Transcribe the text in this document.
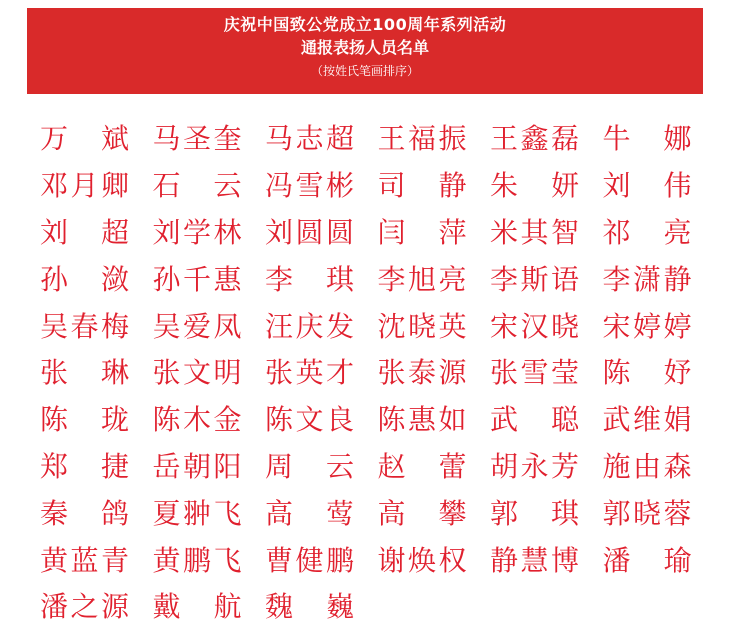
庆祝中国致公党成立100周年系列活动
通报表扬人员名单
（按姓氏笔画排序）
万 斌 马 圣 奎 马 志 超 王 福 振 王 鑫 磊 牛 娜
邓 月 卿 石 云 冯 雪 彬 司 静 朱 妍 刘 伟
刘 超 刘 学 林 刘 圆 圆 闫 萍 米 其 智 祁 亮
孙 潋 孙 千 惠 李 琪 李 旭 亮 李 斯 语 李 潇 静
吴 春 梅 吴 爱 凤 汪 庆 发 沈 晓 英 宋 汉 晓 宋 婷 婷
张 琳 张 文 明 张 英 才 张 泰 源 张 雪 莹 陈 妤
陈 珑 陈 木 金 陈 文 良 陈 惠 如 武 聪 武 维 娟
郑 捷 岳 朝 阳 周 云 赵 蕾 胡 永 芳 施 由 森
秦 鸽 夏 翀 飞 高 莺 高 攀 郭 琪 郭 晓 蓉
黄 蓝 青 黄 鹏 飞 曹 健 鹏 谢 焕 权 静 慧 博 潘 瑜
潘 之 源 戴 航 魏 巍
